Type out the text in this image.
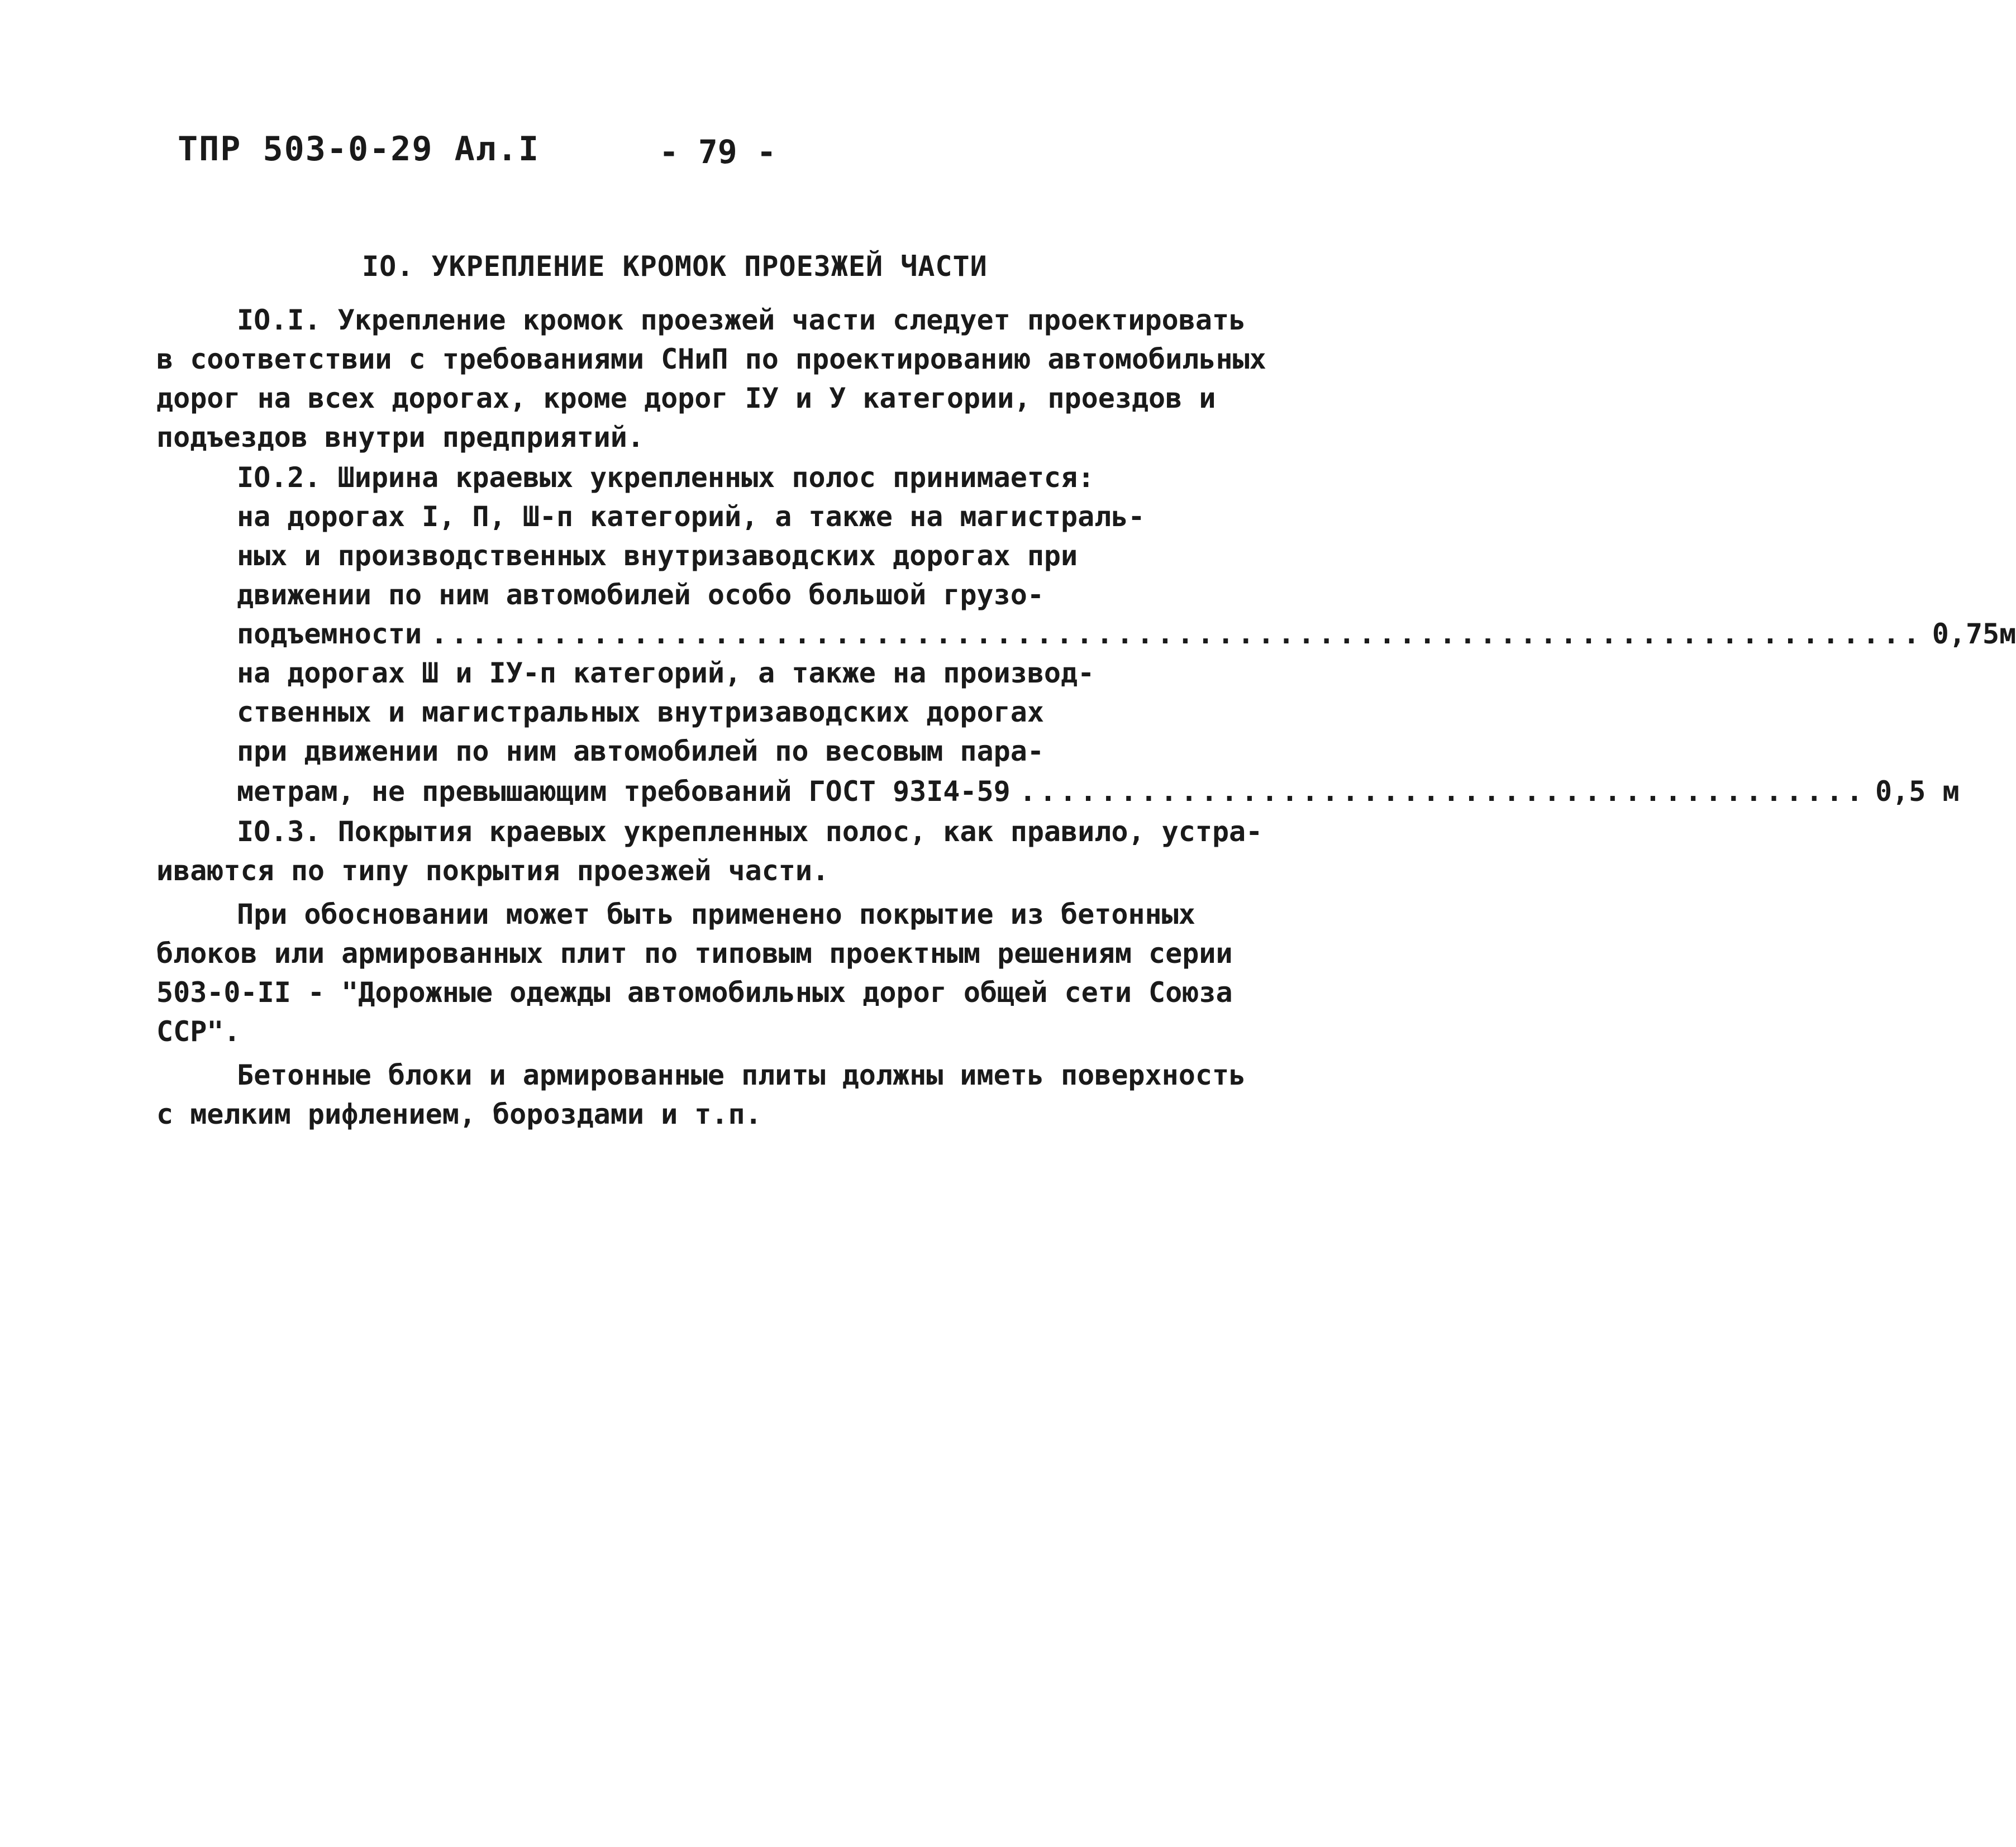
ТПР 503-0-29 Ал.I	- 79 -
IO. УКРЕПЛЕНИЕ КРОМОК ПРОЕЗЖЕЙ ЧАСТИ
IO.I. Укрепление кромок проезжей части следует проектировать
в соответствии с требованиями СНиП по проектированию автомобильных
дорог на всех дорогах, кроме дорог IУ и У категории, проездов и
подъездов внутри предприятий.
IO.2. Ширина краевых укрепленных полос принимается:
на дорогах I, П, Ш-п категорий, а также на магистраль-
ных и производственных внутризаводских дорогах при
движении по ним автомобилей особо большой грузо-
подъемности .......................................................................... 0,75м
на дорогах Ш и IУ-п категорий, а также на производ-
ственных и магистральных внутризаводских дорогах
при движении по ним автомобилей по весовым пара-
метрам, не превышающим требований ГОСТ 93I4-59 .......................................... 0,5 м
IO.3. Покрытия краевых укрепленных полос, как правило, устра-
иваются по типу покрытия проезжей части.
При обосновании может быть применено покрытие из бетонных
блоков или армированных плит по типовым проектным решениям серии
503-0-II - "Дорожные одежды автомобильных дорог общей сети Союза
ССР".
Бетонные блоки и армированные плиты должны иметь поверхность
с мелким рифлением, бороздами и т.п.
